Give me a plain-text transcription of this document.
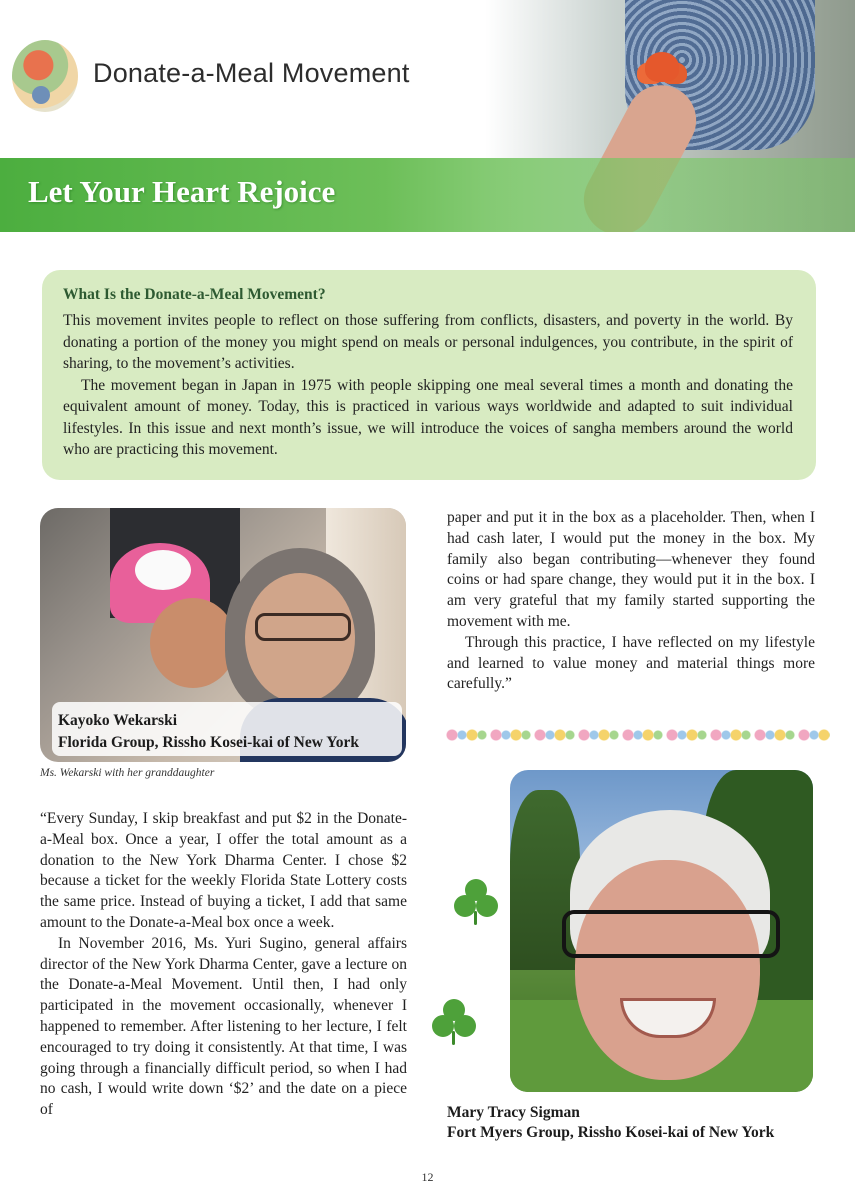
Donate-a-Meal Movement
Let Your Heart Rejoice
What Is the Donate-a-Meal Movement?

This movement invites people to reflect on those suffering from conflicts, disasters, and poverty in the world. By donating a portion of the money you might spend on meals or personal indulgences, you contribute, in the spirit of sharing, to the movement’s activities.

The movement began in Japan in 1975 with people skipping one meal several times a month and donating the equivalent amount of money. Today, this is practiced in various ways worldwide and adapted to suit individual lifestyles. In this issue and next month’s issue, we will introduce the voices of sangha members around the world who are practicing this movement.

Kayoko Wekarski
Florida Group, Rissho Kosei-kai of New York
Ms. Wekarski with her granddaughter

paper and put it in the box as a placeholder. Then, when I had cash later, I would put the money in the box. My family also began contributing—whenever they found coins or had spare change, they would put it in the box. I am very grateful that my family started supporting the movement with me.

Through this practice, I have reflected on my lifestyle and learned to value money and material things more carefully.”

“Every Sunday, I skip breakfast and put $2 in the Donate-a-Meal box. Once a year, I offer the total amount as a donation to the New York Dharma Center. I chose $2 because a ticket for the weekly Florida State Lottery costs the same price. Instead of buying a ticket, I add that same amount to the Donate-a-Meal box once a week.

In November 2016, Ms. Yuri Sugino, general affairs director of the New York Dharma Center, gave a lecture on the Donate-a-Meal Movement. Until then, I had only participated in the movement occasionally, whenever I happened to remember. After listening to her lecture, I felt encouraged to try doing it consistently. At that time, I was going through a financially difficult period, so when I had no cash, I would write down ‘$2’ and the date on a piece of	Mary Tracy Sigman
Fort Myers Group, Rissho Kosei-kai of New York
12
